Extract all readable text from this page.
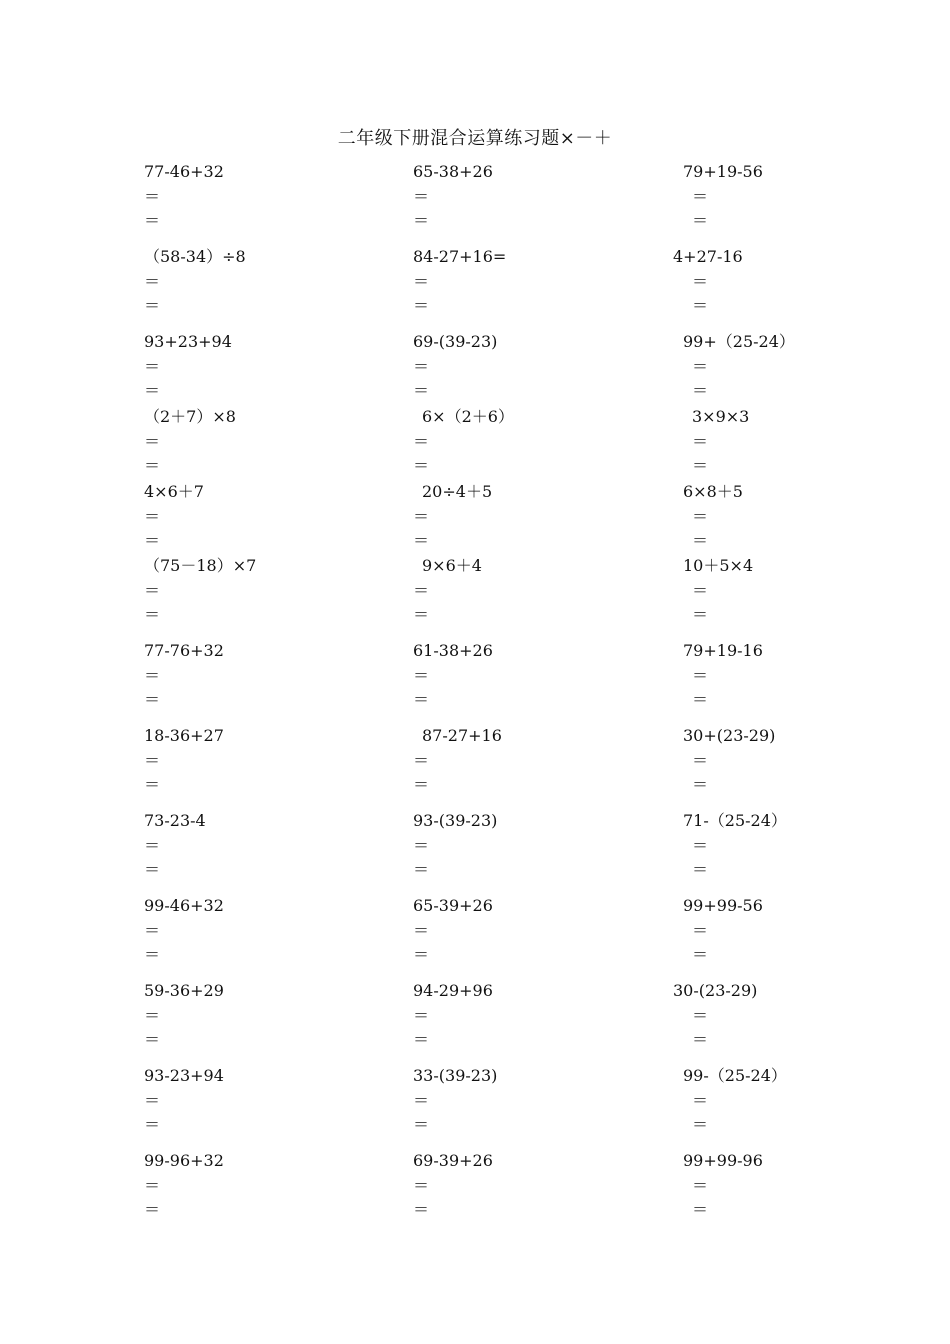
二年级下册混合运算练习题×－＋
77-46+32
＝
＝
65-38+26
＝
＝
79+19-56
＝
＝
（58-34）÷8
＝
＝
84-27+16=
＝
＝
4+27-16
＝
＝
93+23+94
＝
＝
69-(39-23)
＝
＝
99+（25-24）
＝
＝
（2＋7）×8
＝
＝
6×（2＋6）
＝
＝
3×9×3
＝
＝
4×6＋7
＝
＝
20÷4＋5
＝
＝
6×8＋5
＝
＝
（75－18）×7
＝
＝
9×6＋4
＝
＝
10＋5×4
＝
＝
77-76+32
＝
＝
61-38+26
＝
＝
79+19-16
＝
＝
18-36+27
＝
＝
87-27+16
＝
＝
30+(23-29)
＝
＝
73-23-4
＝
＝
93-(39-23)
＝
＝
71-（25-24）
＝
＝
99-46+32
＝
＝
65-39+26
＝
＝
99+99-56
＝
＝
59-36+29
＝
＝
94-29+96
＝
＝
30-(23-29)
＝
＝
93-23+94
＝
＝
33-(39-23)
＝
＝
99-（25-24）
＝
＝
99-96+32
＝
＝
69-39+26
＝
＝
99+99-96
＝
＝
